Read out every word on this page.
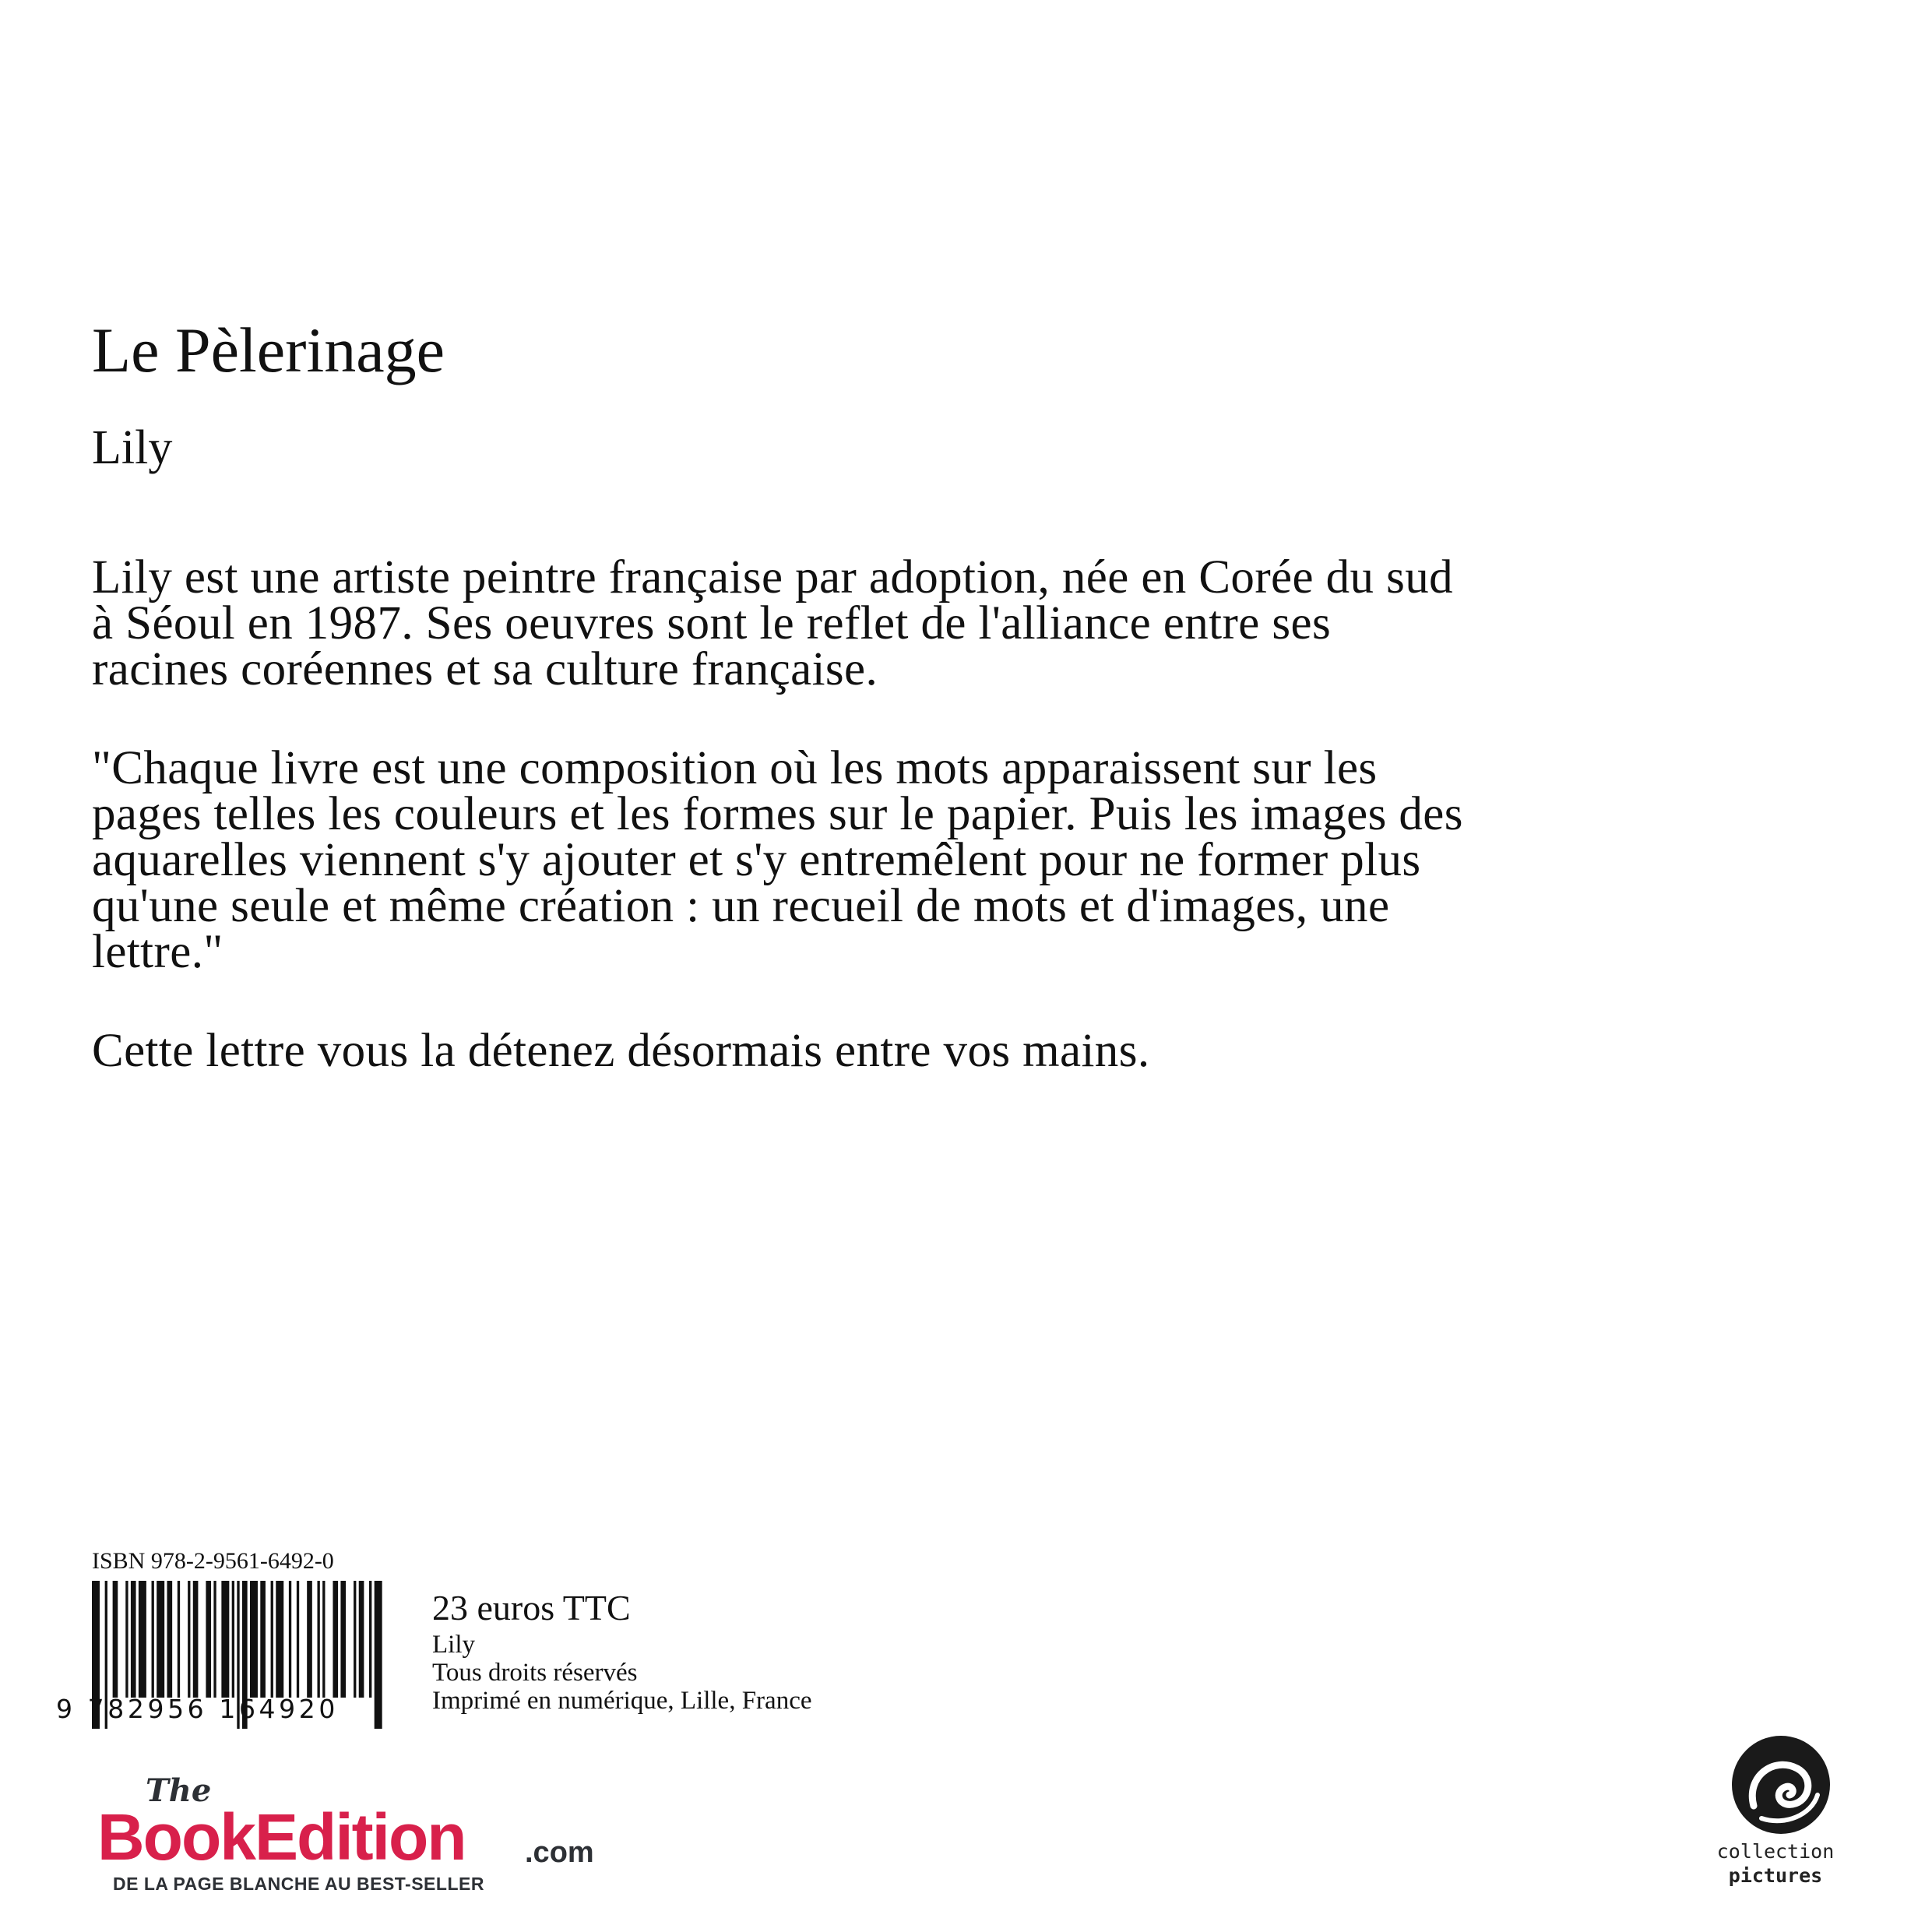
Le Pèlerinage
Lily

Lily est une artiste peintre française par adoption, née en Corée du sud à Séoul en 1987. Ses oeuvres sont le reflet de l'alliance entre ses racines coréennes et sa culture française.

"Chaque livre est une composition où les mots apparaissent sur les pages telles les couleurs et les formes sur le papier. Puis les images des aquarelles viennent s'y ajouter et s'y entremêlent pour ne former plus qu'une seule et même création : un recueil de mots et d'images, une lettre."

Cette lettre vous la détenez désormais entre vos mains.

ISBN 978-2-9561-6492-0
9 782956 164920
23 euros TTC
Lily
Tous droits réservés
Imprimé en numérique, Lille, France
The
BookEdition .com
DE LA PAGE BLANCHE AU BEST-SELLER
collection
pictures
